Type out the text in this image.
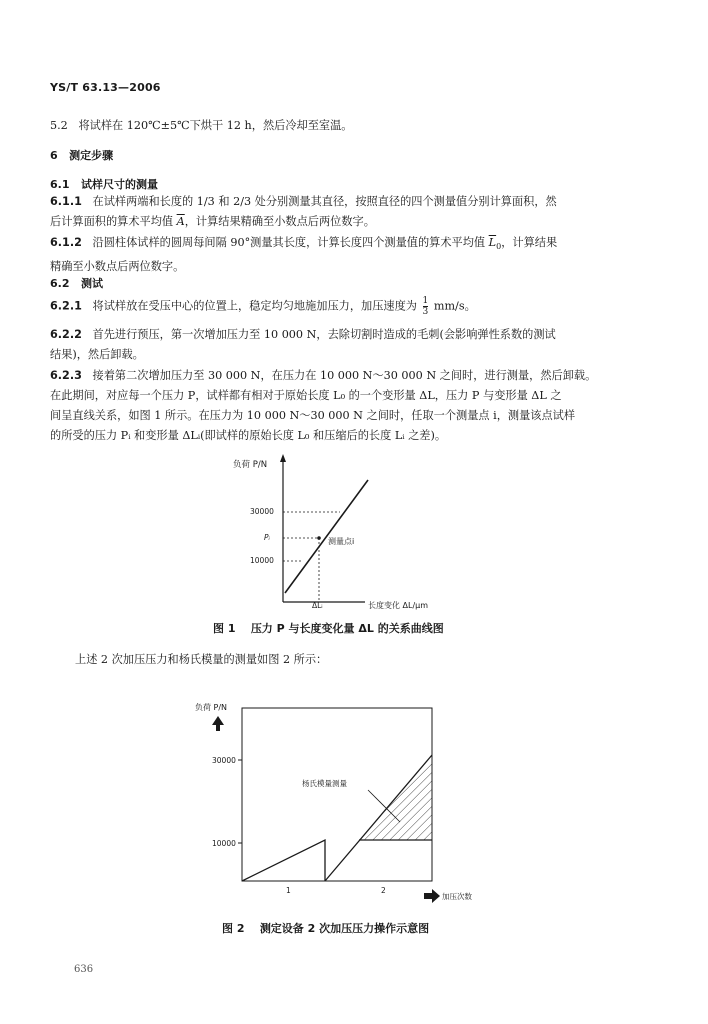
YS/T 63.13—2006
5.2 将试样在 120℃±5℃下烘干 12 h，然后冷却至室温。
6 测定步骤
6.1 试样尺寸的测量
6.1.1 在试样两端和长度的 1/3 和 2/3 处分别测量其直径，按照直径的四个测量值分别计算面积，然
后计算面积的算术平均值 $\overline{A}$，计算结果精确至小数点后两位数字。
6.1.2 沿圆柱体试样的圆周每间隔 90°测量其长度，计算长度四个测量值的算术平均值 $\overline{L}_0$，计算结果
精确至小数点后两位数字。
6.2 测试
6.2.1 将试样放在受压中心的位置上，稳定均匀地施加压力，加压速度为 $\frac{1}{3} mm/s$。
6.2.2 首先进行预压，第一次增加压力至 10 000 N，去除切割时造成的毛刺(会影响弹性系数的测试
结果)，然后卸载。
6.2.3 接着第二次增加压力至 30 000 N，在压力在 10 000 N～30 000 N 之间时，进行测量，然后卸载。
在此期间，对应每一个压力 P，试样都有相对于原始长度 L₀ 的一个变形量 ΔL，压力 P 与变形量 ΔL 之
间呈直线关系，如图 1 所示。在压力为 10 000 N～30 000 N 之间时，任取一个测量点 i，测量该点试样
的所受的压力 Pᵢ 和变形量 ΔLᵢ(即试样的原始长度 L₀ 和压缩后的长度 Lᵢ 之差)。
负荷 P/N
30000
Pᵢ
10000
测量点i
ΔLᵢ	长度变化 ΔL/μm
图 1 压力 P 与长度变化量 ΔL 的关系曲线图
上述 2 次加压压力和杨氏模量的测量如图 2 所示：
负荷 P/N
30000
10000
杨氏模量测量
1	2
加压次数
图 2 测定设备 2 次加压压力操作示意图
636
